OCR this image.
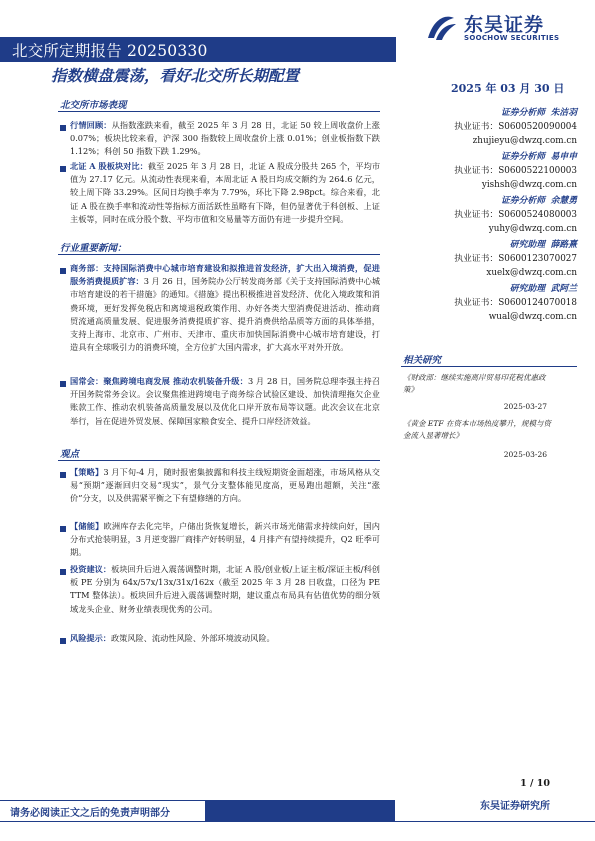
北交所定期报告 20250330
东吴证券
SOOCHOW SECURITIES
指数横盘震荡，看好北交所长期配置
2025 年 03 月 30 日
北交所市场表现
行情回顾：从指数涨跌来看，截至 2025 年 3 月 28 日，北证 50 较上周收盘价上涨 0.07%；板块比较来看，沪深 300 指数较上周收盘价上涨 0.01%；创业板指数下跌 1.12%；科创 50 指数下跌 1.29%。
北证 A 股板块对比：截至 2025 年 3 月 28 日，北证 A 股成分股共 265 个，平均市值为 27.17 亿元。从流动性表现来看，本周北证 A 股日均成交额约为 264.6 亿元，较上周下降 33.29%。区间日均换手率为 7.79%，环比下降 2.98pct。综合来看，北证 A 股在换手率和流动性等指标方面活跃性虽略有下降，但仍显著优于科创板、上证主板等，同时在成分股个数、平均市值和交易量等方面仍有进一步提升空间。
行业重要新闻：
商务部：支持国际消费中心城市培育建设和拟推进首发经济，扩大出入境消费，促进服务消费提质扩容：3 月 26 日，国务院办公厅转发商务部《关于支持国际消费中心城市培育建设的若干措施》的通知。《措施》提出积极推进首发经济、优化入境政策和消费环境，更好发挥免税店和离境退税政策作用、办好各类大型消费促进活动、推动商贸流通高质量发展、促进服务消费提质扩容、提升消费供给品质等方面的具体举措，支持上海市、北京市、广州市、天津市、重庆市加快国际消费中心城市培育建设，打造具有全球吸引力的消费环境，全方位扩大国内需求，扩大高水平对外开放。
国常会：聚焦跨境电商发展 推动农机装备升级：3 月 28 日，国务院总理李强主持召开国务院常务会议。会议聚焦推进跨境电子商务综合试验区建设、加快清理拖欠企业账款工作、推动农机装备高质量发展以及优化口岸开放布局等议题。此次会议在北京举行，旨在促进外贸发展、保障国家粮食安全、提升口岸经济效益。
观点
【策略】3 月下旬-4 月，随时报密集披露和科技主线短期资金面超涨，市场风格从交易“预期”逐渐回归交易“现实”，景气分支整体能见度高，更易跑出超额，关注“涨价”分支，以及供需紧平衡之下有望修缮的方向。
【储能】欧洲库存去化完毕，户储出货恢复增长，新兴市场光储需求持续向好，国内分布式抢装明显，3 月逆变器厂商排产好转明显，4 月排产有望持续提升，Q2 旺季可期。
投资建议：板块回升后进入震荡调整时期，北证 A 股/创业板/上证主板/深证主板/科创板 PE 分别为 64x/57x/13x/31x/162x（截至 2025 年 3 月 28 日收盘，口径为 PE TTM 整体法）。板块回升后进入震荡调整时期，建议重点布局具有估值优势的细分领域龙头企业、财务业绩表现优秀的公司。
风险提示：政策风险、流动性风险、外部环境波动风险。
证券分析师 朱洁羽
执业证书：S0600520090004
zhujieyu@dwzq.com.cn
证券分析师 易申申
执业证书：S0600522100003
yishsh@dwzq.com.cn
证券分析师 余慧勇
执业证书：S0600524080003
yuhy@dwzq.com.cn
研究助理 薛路熹
执业证书：S0600123070027
xuelx@dwzq.com.cn
研究助理 武阿兰
执业证书：S0600124070018
wual@dwzq.com.cn
相关研究
《财政部：继续实施离岸贸易印花税优惠政策》
2025-03-27
《黄金 ETF 在资本市场热度攀升，规模与资金流入显著增长》
2025-03-26
1 / 10
请务必阅读正文之后的免责声明部分
东吴证券研究所
